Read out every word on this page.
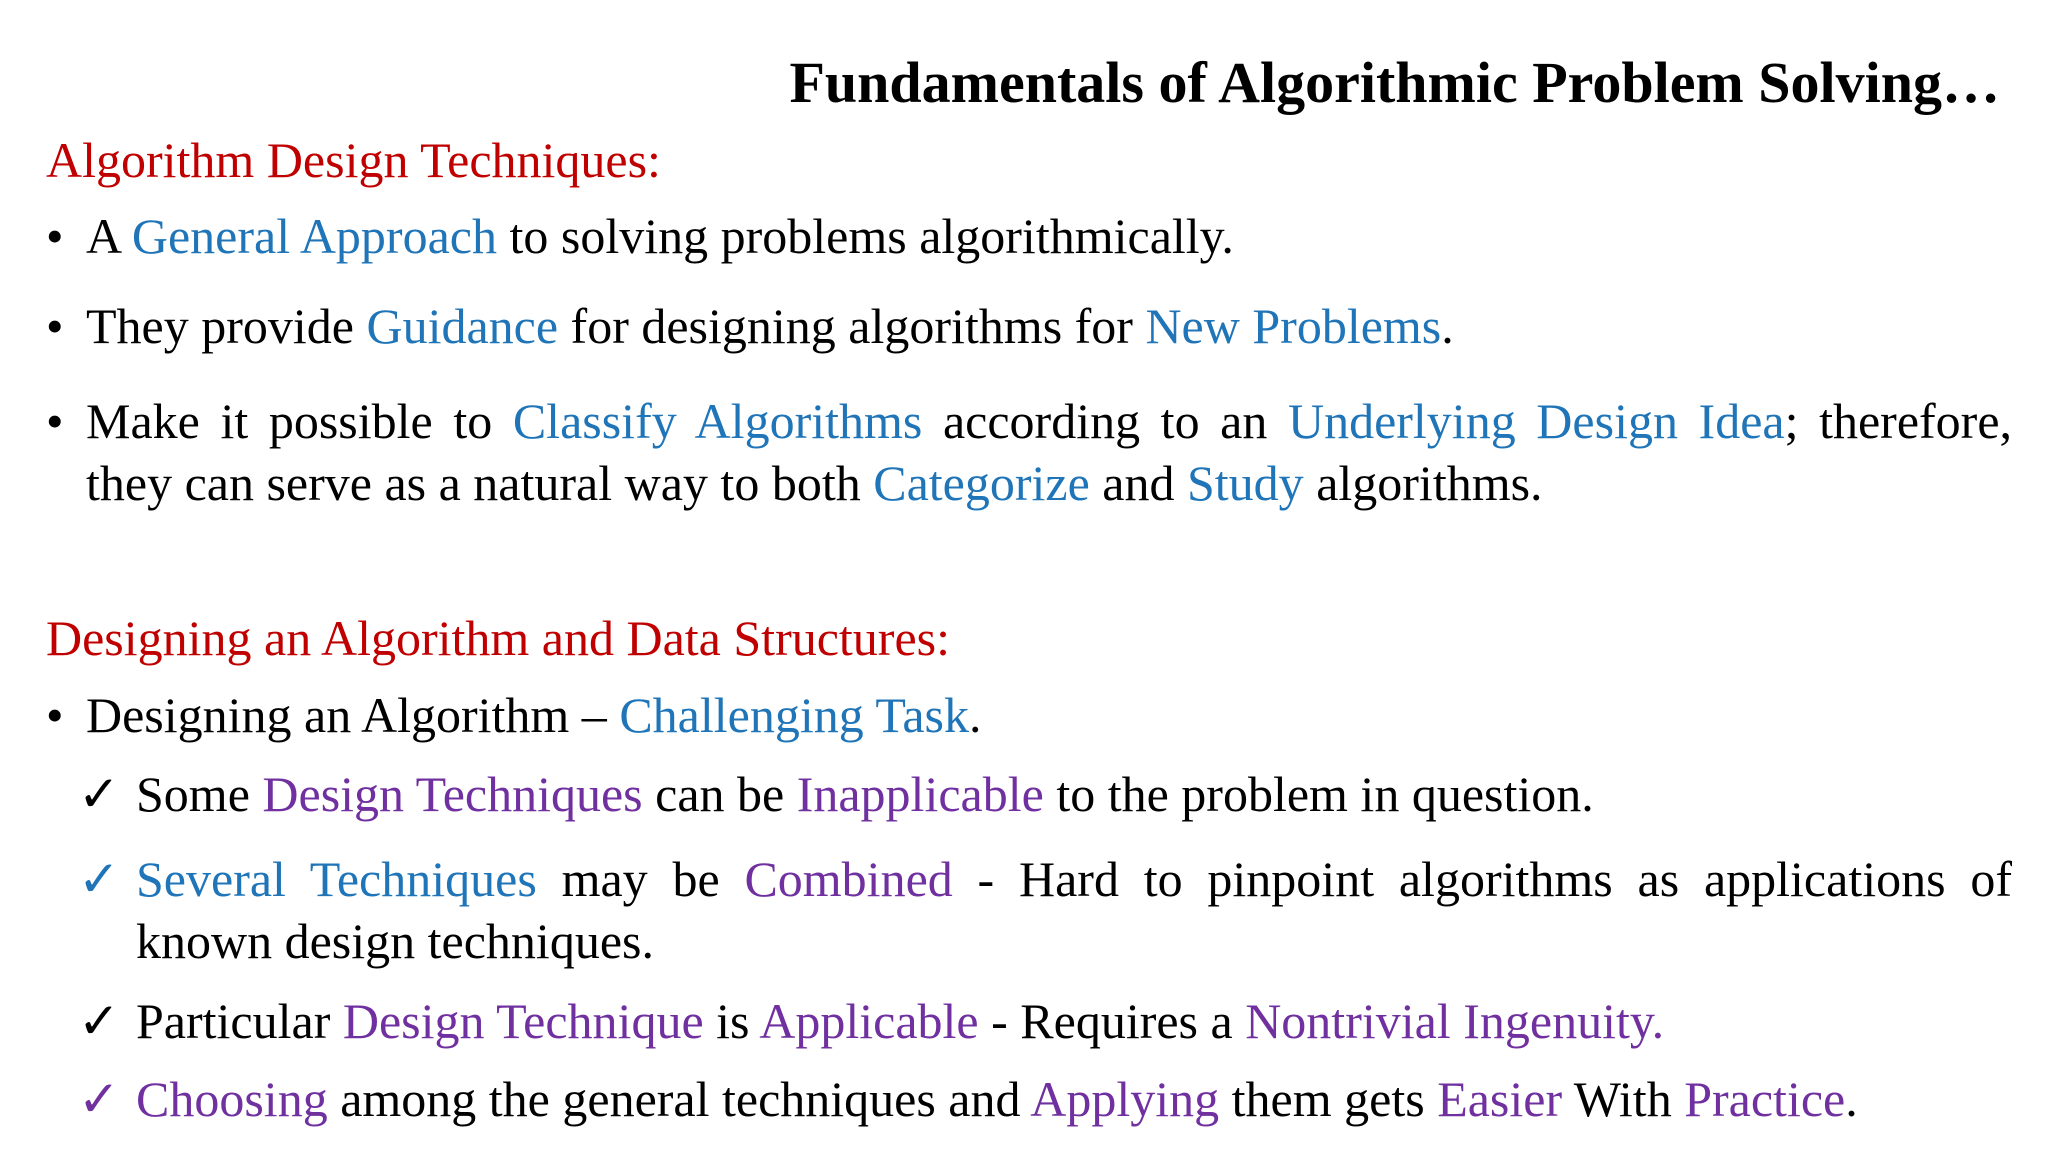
Fundamentals of Algorithmic Problem Solving…
Algorithm Design Techniques:
• A General Approach to solving problems algorithmically.
• They provide Guidance for designing algorithms for New Problems.
• Make it possible to Classify Algorithms according to an Underlying Design Idea; therefore, they can serve as a natural way to both Categorize and Study algorithms.
Designing an Algorithm and Data Structures:
• Designing an Algorithm – Challenging Task.
✓ Some Design Techniques can be Inapplicable to the problem in question.
✓ Several Techniques may be Combined - Hard to pinpoint algorithms as applications of known design techniques.
✓ Particular Design Technique is Applicable - Requires a Nontrivial Ingenuity.
✓ Choosing among the general techniques and Applying them gets Easier With Practice.
